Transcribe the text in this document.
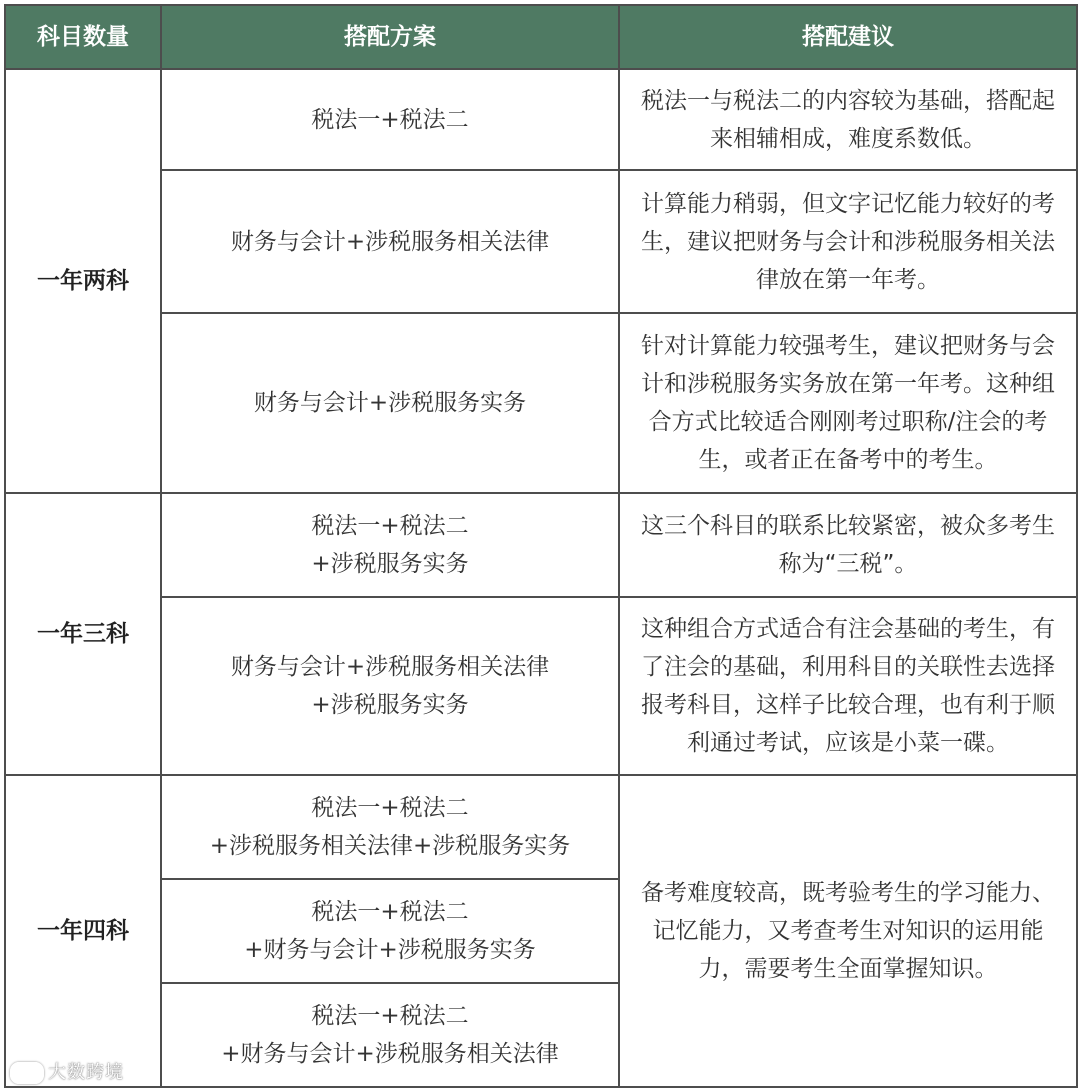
科目数量	搭配方案	搭配建议
一年两科	税法一+税法二	税法一与税法二的内容较为基础，搭配起
来相辅相成，难度系数低。

	财务与会计+涉税服务相关法律	计算能力稍弱，但文字记忆能力较好的考
生，建议把财务与会计和涉税服务相关法
律放在第一年考。

	财务与会计+涉税服务实务	针对计算能力较强考生，建议把财务与会
计和涉税服务实务放在第一年考。这种组
合方式比较适合刚刚考过职称/注会的考
生，或者正在备考中的考生。

一年三科	税法一+税法二
+涉税服务实务	这三个科目的联系比较紧密，被众多考生
称为“三税”。

	财务与会计+涉税服务相关法律
+涉税服务实务	这种组合方式适合有注会基础的考生，有
了注会的基础，利用科目的关联性去选择
报考科目，这样子比较合理，也有利于顺
利通过考试，应该是小菜一碟。

一年四科	税法一+税法二
+涉税服务相关法律+涉税服务实务	备考难度较高，既考验考生的学习能力、
记忆能力，又考查考生对知识的运用能
力，需要考生全面掌握知识。

	税法一+税法二
+财务与会计+涉税服务实务	

	税法一+税法二
+财务与会计+涉税服务相关法律	
大数跨境
